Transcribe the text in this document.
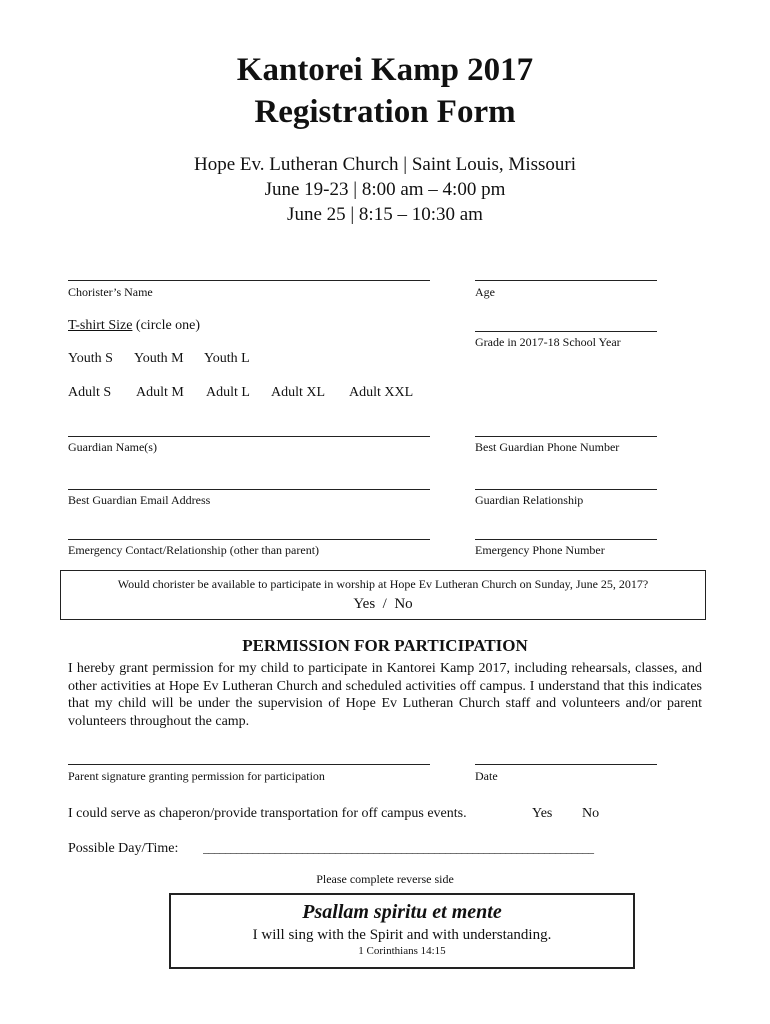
Kantorei Kamp 2017
Registration Form
Hope Ev. Lutheran Church | Saint Louis, Missouri
June 19-23 | 8:00 am – 4:00 pm
June 25 | 8:15 – 10:30 am
Chorister’s Name	Age
T-shirt Size (circle one)
Grade in 2017-18 School Year
Youth S Youth M Youth L
Adult S Adult M Adult L Adult XL Adult XXL
Guardian Name(s)	Best Guardian Phone Number
Best Guardian Email Address	Guardian Relationship
Emergency Contact/Relationship (other than parent)	Emergency Phone Number
Would chorister be available to participate in worship at Hope Ev Lutheran Church on Sunday, June 25, 2017?
Yes  /  No
PERMISSION FOR PARTICIPATION
I hereby grant permission for my child to participate in Kantorei Kamp 2017, including rehearsals, classes, and other activities at Hope Ev Lutheran Church and scheduled activities off campus. I understand that this indicates that my child will be under the supervision of Hope Ev Lutheran Church staff and volunteers and/or parent volunteers throughout the camp.
Parent signature granting permission for participation	Date
I could serve as chaperon/provide transportation for off campus events.	Yes No
Possible Day/Time: _______________________________________________________________________
Please complete reverse side
Psallam spiritu et mente
I will sing with the Spirit and with understanding.
1 Corinthians 14:15
